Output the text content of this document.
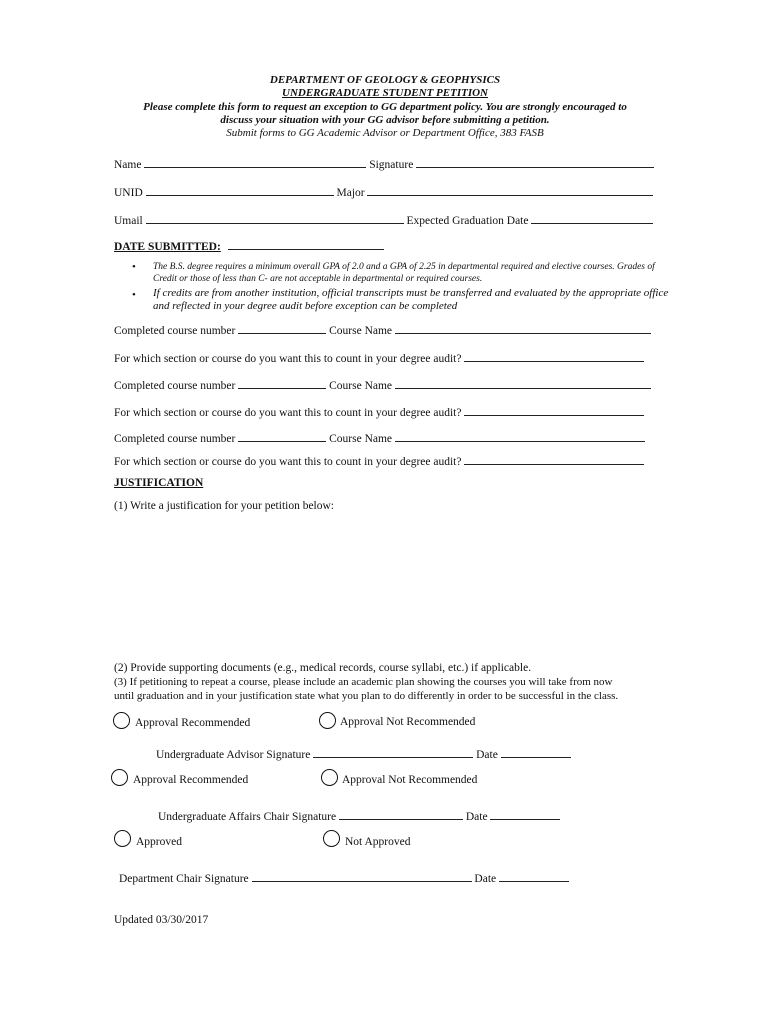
DEPARTMENT OF GEOLOGY & GEOPHYSICS
UNDERGRADUATE STUDENT PETITION
Please complete this form to request an exception to GG department policy. You are strongly encouraged to
discuss your situation with your GG advisor before submitting a petition.
Submit forms to GG Academic Advisor or Department Office, 383 FASB
Name	Signature
UNID	Major
Umail	Expected Graduation Date
DATE SUBMITTED:
• The B.S. degree requires a minimum overall GPA of 2.0 and a GPA of 2.25 in departmental required and elective courses. Grades of Credit or those of less than C- are not acceptable in departmental or required courses.
• If credits are from another institution, official transcripts must be transferred and evaluated by the appropriate office and reflected in your degree audit before exception can be completed
Completed course number	Course Name
For which section or course do you want this to count in your degree audit?
Completed course number	Course Name
For which section or course do you want this to count in your degree audit?
Completed course number	Course Name
For which section or course do you want this to count in your degree audit?
JUSTIFICATION
(1) Write a justification for your petition below:
(2) Provide supporting documents (e.g., medical records, course syllabi, etc.) if applicable.
(3) If petitioning to repeat a course, please include an academic plan showing the courses you will take from now
until graduation and in your justification state what you plan to do differently in order to be successful in the class.
Approval Recommended	Approval Not Recommended
Undergraduate Advisor Signature	Date
Approval Recommended	Approval Not Recommended
Undergraduate Affairs Chair Signature	Date
Approved	Not Approved
Department Chair Signature	Date
Updated 03/30/2017
